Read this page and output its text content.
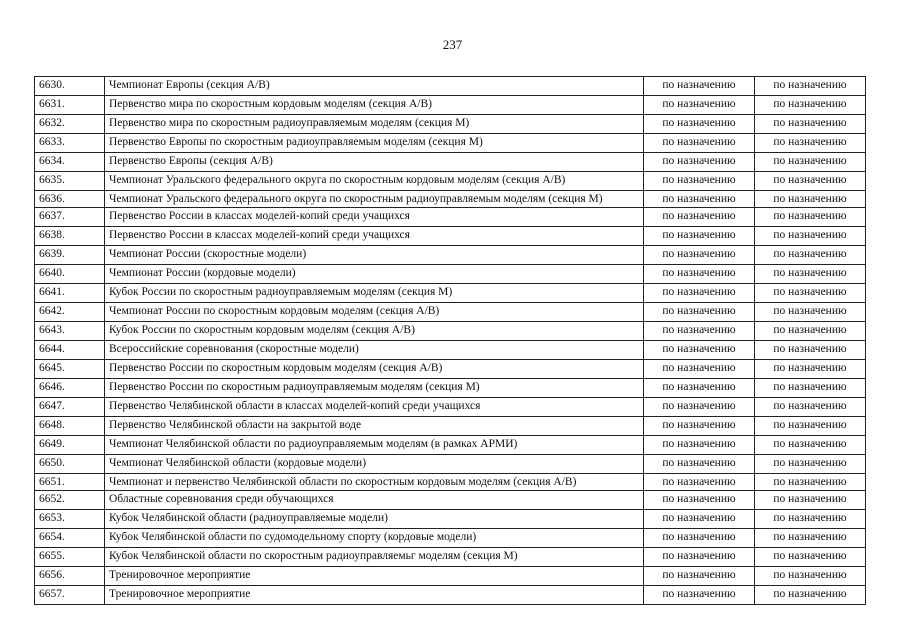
237
6630.	Чемпионат Европы (секция А/В)	по назначению	по назначению
6631.	Первенство мира по скоростным кордовым моделям (секция А/В)	по назначению	по назначению
6632.	Первенство мира по скоростным радиоуправляемым моделям (секция М)	по назначению	по назначению
6633.	Первенство Европы по скоростным радиоуправляемым моделям (секция М)	по назначению	по назначению
6634.	Первенство Европы (секция А/В)	по назначению	по назначению
6635.	Чемпионат Уральского федерального округа по скоростным кордовым моделям (секция А/В)	по назначению	по назначению
6636.	Чемпионат Уральского федерального округа по скоростным радиоуправляемым моделям (секция М)	по назначению	по назначению
6637.	Первенство России в классах моделей-копий среди учащихся	по назначению	по назначению
6638.	Первенство России в классах моделей-копий среди учащихся	по назначению	по назначению
6639.	Чемпионат России (скоростные модели)	по назначению	по назначению
6640.	Чемпионат России (кордовые модели)	по назначению	по назначению
6641.	Кубок России по скоростным радиоуправляемым моделям (секция М)	по назначению	по назначению
6642.	Чемпионат России по скоростным кордовым моделям (секция А/В)	по назначению	по назначению
6643.	Кубок России по скоростным кордовым моделям (секция А/В)	по назначению	по назначению
6644.	Всероссийские соревнования (скоростные модели)	по назначению	по назначению
6645.	Первенство России по скоростным кордовым моделям (секция А/В)	по назначению	по назначению
6646.	Первенство России по скоростным радиоуправляемым моделям (секция М)	по назначению	по назначению
6647.	Первенство Челябинской области в классах моделей-копий среди учащихся	по назначению	по назначению
6648.	Первенство Челябинской области на закрытой воде	по назначению	по назначению
6649.	Чемпионат Челябинской области по радиоуправляемым моделям (в рамках АРМИ)	по назначению	по назначению
6650.	Чемпионат Челябинской области (кордовые модели)	по назначению	по назначению
6651.	Чемпионат и первенство Челябинской области по скоростным кордовым моделям (секция А/В)	по назначению	по назначению
6652.	Областные соревнования среди обучающихся	по назначению	по назначению
6653.	Кубок Челябинской области (радиоуправляемые модели)	по назначению	по назначению
6654.	Кубок Челябинской области по судомодельному спорту (кордовые модели)	по назначению	по назначению
6655.	Кубок Челябинской области по скоростным радиоуправляемьг моделям (секция М)	по назначению	по назначению
6656.	Тренировочное мероприятие	по назначению	по назначению
6657.	Тренировочное мероприятие	по назначению	по назначению
